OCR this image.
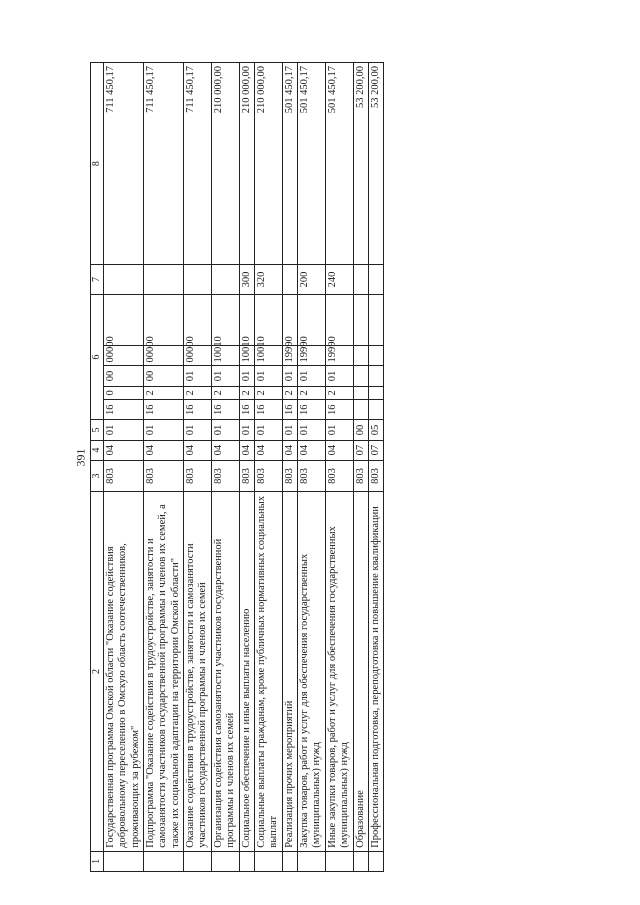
391
1	2	3	4	5	6					7	8
	Государственная программа Омской области "Оказание содействия добровольному переселению в Омскую область соотечественников, проживающих за рубежом"	803	04	01	16	0	00	00000			711 450,17
	Подпрограмма "Оказание содействия в трудоустройстве, занятости и самозанятости участников государственной программы и членов их семей, а также их социальной адаптации на территории Омской области"	803	04	01	16	2	00	00000			711 450,17
	Оказание содействия в трудоустройстве, занятости и самозанятости участников государственной программы и членов их семей	803	04	01	16	2	01	00000			711 450,17
	Организация содействия самозанятости участников государственной программы и членов их семей	803	04	01	16	2	01	10010			210 000,00
	Социальное обеспечение и иные выплаты населению	803	04	01	16	2	01	10010		300	210 000,00
	Социальные выплаты гражданам, кроме публичных нормативных социальных выплат	803	04	01	16	2	01	10010		320	210 000,00
	Реализация прочих мероприятий	803	04	01	16	2	01	19990			501 450,17
	Закупка товаров, работ и услуг для обеспечения государственных (муниципальных) нужд	803	04	01	16	2	01	19990		200	501 450,17
	Иные закупки товаров, работ и услуг для обеспечения государственных (муниципальных) нужд	803	04	01	16	2	01	19990		240	501 450,17
	Образование	803	07	00							53 200,00
	Профессиональная подготовка, переподготовка и повышение квалификации	803	07	05							53 200,00
